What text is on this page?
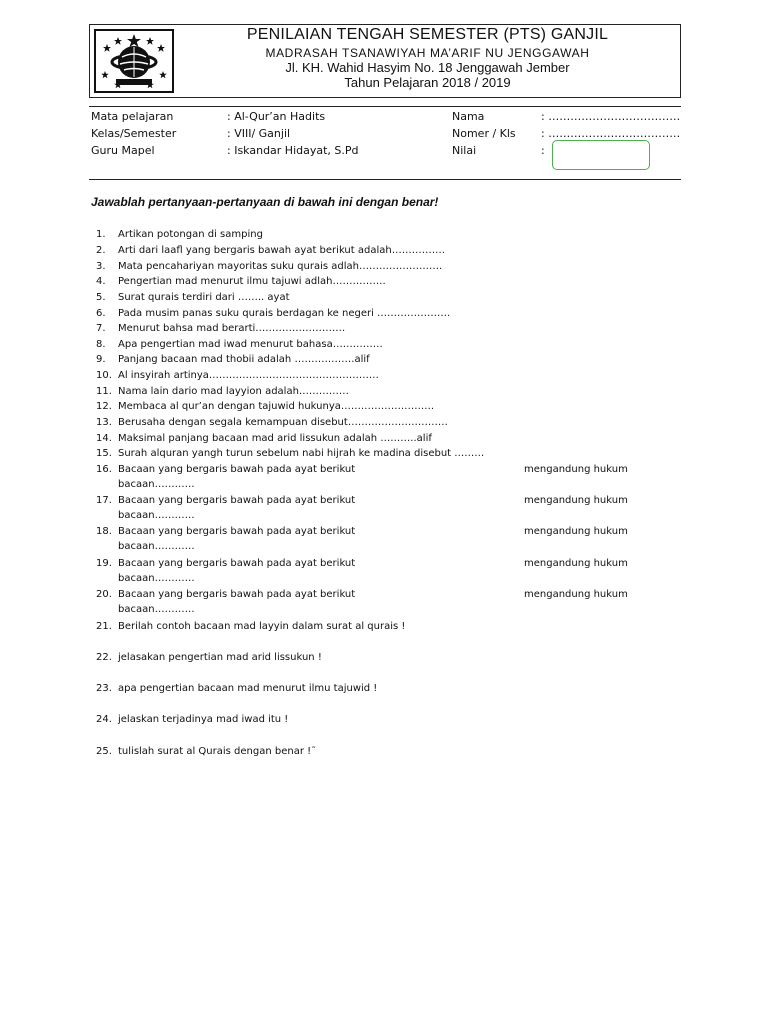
PENILAIAN TENGAH SEMESTER (PTS) GANJIL
MADRASAH TSANAWIYAH MA’ARIF NU JENGGAWAH
Jl. KH. Wahid Hasyim No. 18 Jenggawah Jember
Tahun Pelajaran 2018 / 2019
Mata pelajaran	: Al-Qur’an Hadits
Kelas/Semester	: VIII/ Ganjil
Guru Mapel	: Iskandar Hidayat, S.Pd
Nama	: ………………………………
Nomer / Kls : ………………………………
Nilai	:
Jawablah pertanyaan-pertanyaan di bawah ini dengan benar!
1.	Artikan potongan di samping
2.	Arti dari laafl yang bergaris bawah ayat berikut adalah…………….
3.	Mata pencahariyan mayoritas suku qurais adlah…………………….
4.	Pengertian mad menurut ilmu tajuwi adlah…………….
5.	Surat qurais terdiri dari …….. ayat
6.	Pada musim panas suku qurais berdagan ke negeri ………………….
7.	Menurut bahsa mad berarti………………………
8.	Apa pengertian mad iwad menurut bahasa……………
9.	Panjang bacaan mad thobii adalah ………………alif
10. Al insyirah artinya……………………………………………
11. Nama lain dario mad layyion adalah……………
12. Membaca al qur’an dengan tajuwid hukunya……………………….
13. Berusaha dengan segala kemampuan disebut…………………………
14. Maksimal panjang bacaan mad arid lissukun adalah ………..alif
15. Surah alquran yangh turun sebelum nabi hijrah ke madina disebut ………
16. Bacaan yang bergaris bawah pada ayat berikut	mengandung hukum
bacaan…………
17. Bacaan yang bergaris bawah pada ayat berikut	mengandung hukum
bacaan…………
18. Bacaan yang bergaris bawah pada ayat berikut	mengandung hukum
bacaan…………
19. Bacaan yang bergaris bawah pada ayat berikut	mengandung hukum
bacaan…………
20. Bacaan yang bergaris bawah pada ayat berikut	mengandung hukum
bacaan…………
21. Berilah contoh bacaan mad layyin dalam surat al qurais !
22. jelasakan pengertian mad arid lissukun !
23. apa pengertian bacaan mad menurut ilmu tajuwid !
24. jelaskan terjadinya mad iwad itu !
25. tulislah surat al Qurais dengan benar !˜
